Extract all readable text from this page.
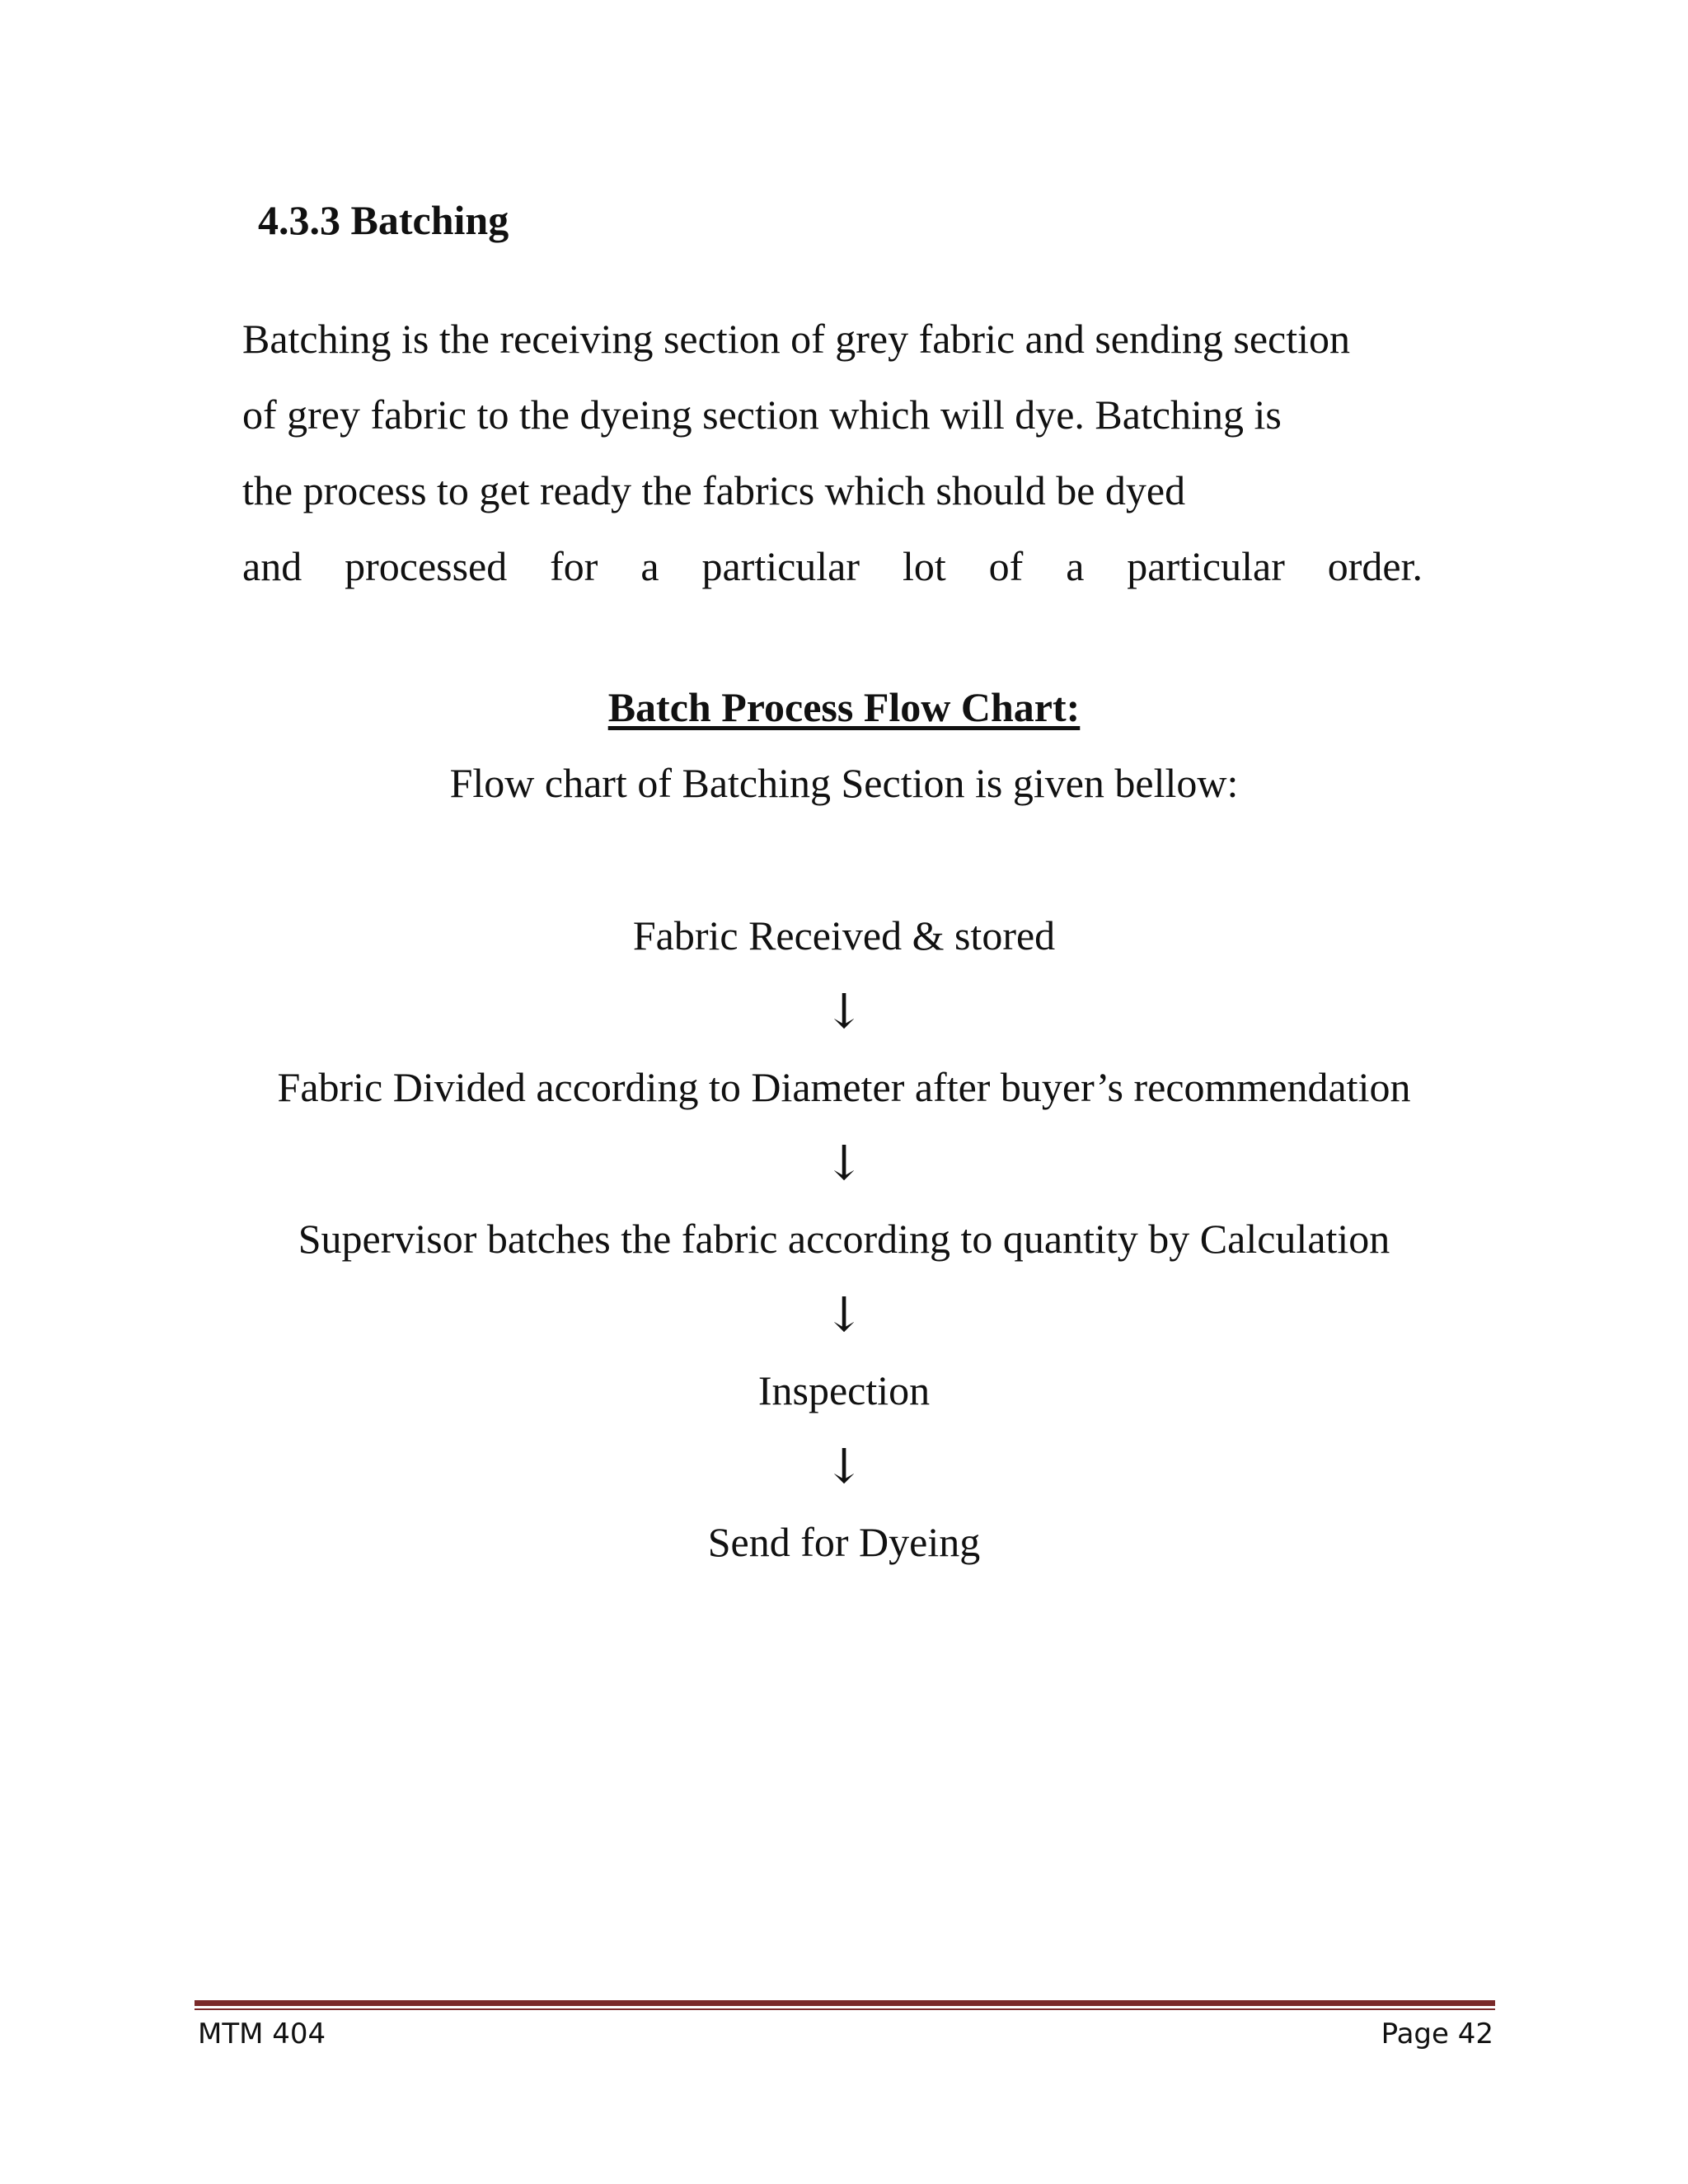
4.3.3 Batching

Batching is the receiving section of grey fabric and sending section
of grey fabric to the dyeing section which will dye. Batching is
the process to get ready the fabrics which should be dyed
and processed for a particular lot of a particular order.

Batch Process Flow Chart:

Flow chart of Batching Section is given bellow:

Fabric Received & stored
↓
Fabric Divided according to Diameter after buyer’s recommendation
↓
Supervisor batches the fabric according to quantity by Calculation
↓
Inspection
↓
Send for Dyeing

MTM 404	Page 42
